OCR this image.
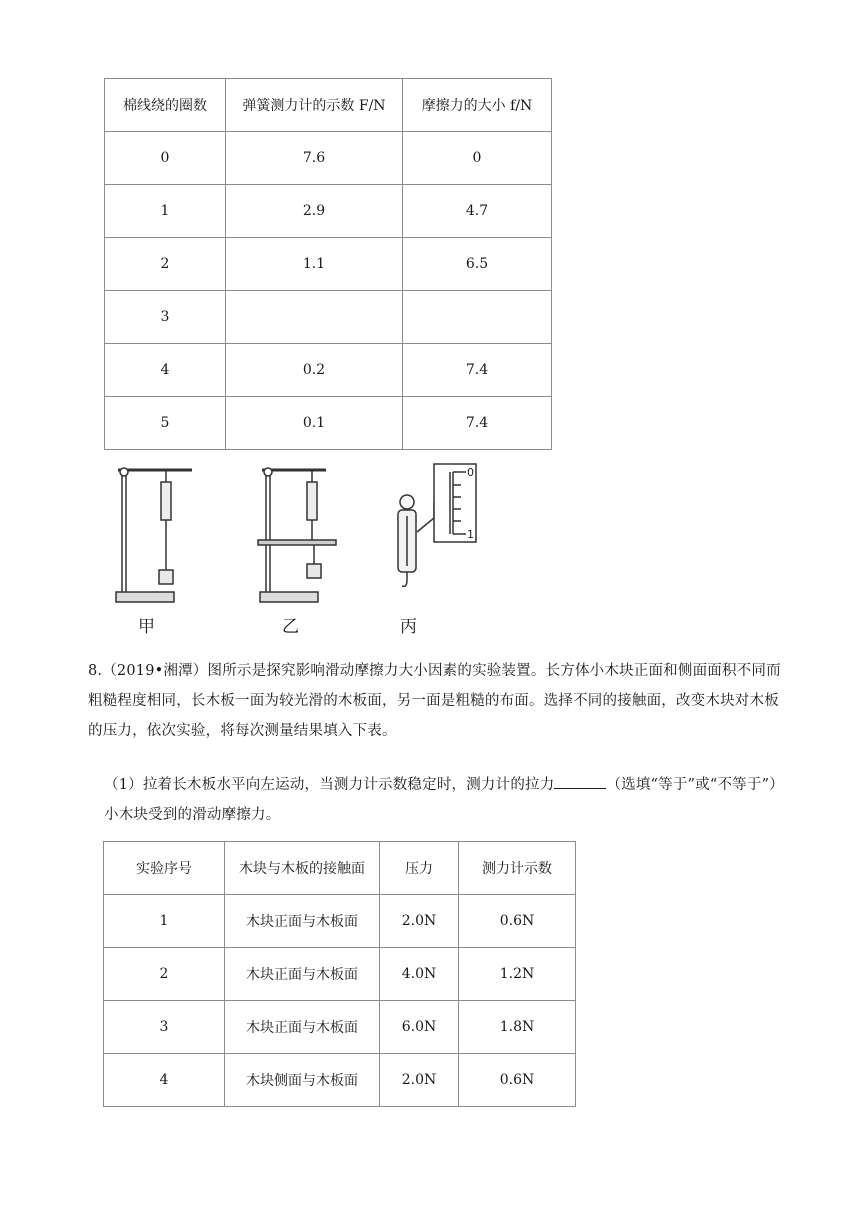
棉线绕的圈数	弹簧测力计的示数 F/N	摩擦力的大小 f/N
0	7.6	0
1	2.9	4.7
2	1.1	6.5
3		
4	0.2	7.4
5	0.1	7.4
0
1
甲	乙	丙
8.（2019•湘潭）图所示是探究影响滑动摩擦力大小因素的实验装置。长方体小木块正面和侧面面积不同而粗糙程度相同，长木板一面为较光滑的木板面，另一面是粗糙的布面。选择不同的接触面，改变木块对木板的压力，依次实验，将每次测量结果填入下表。
（1）拉着长木板水平向左运动，当测力计示数稳定时，测力计的拉力	（选填“等于”或“不等于”）小木块受到的滑动摩擦力。
实验序号	木块与木板的接触面	压力	测力计示数
1	木块正面与木板面	2.0N	0.6N
2	木块正面与木板面	4.0N	1.2N
3	木块正面与木板面	6.0N	1.8N
4	木块侧面与木板面	2.0N	0.6N
